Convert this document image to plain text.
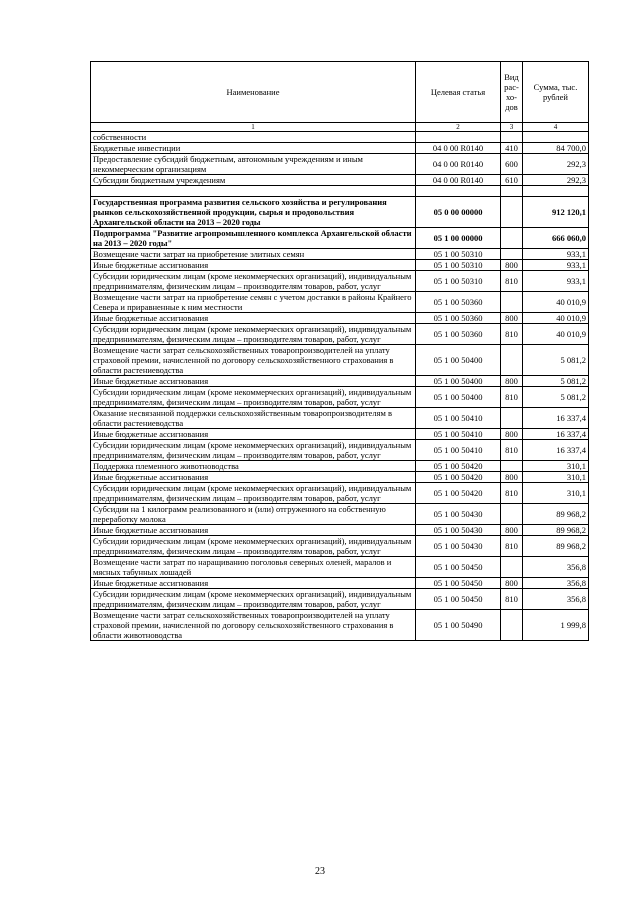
Наименование	Целевая статья	Вид рас-хо-дов	Сумма, тыс. рублей
1	2	3	4
собственности			
Бюджетные инвестиции	04 0 00 R0140	410	84 700,0
Предоставление субсидий бюджетным, автономным учреждениям и иным некоммерческим организациям	04 0 00 R0140	600	292,3
Субсидии бюджетным учреждениям	04 0 00 R0140	610	292,3

Государственная программа развития сельского хозяйства и регулирования рынков сельскохозяйственной продукции, сырья и продовольствия Архангельской области на 2013 – 2020 годы	05 0 00 00000		912 120,1
Подпрограмма "Развитие агропромышленного комплекса Архангельской области на 2013 – 2020 годы"	05 1 00 00000		666 060,0
Возмещение части затрат на приобретение элитных семян	05 1 00 50310		933,1
Иные бюджетные ассигнования	05 1 00 50310	800	933,1
Субсидии юридическим лицам (кроме некоммерческих организаций), индивидуальным предпринимателям, физическим лицам – производителям товаров, работ, услуг	05 1 00 50310	810	933,1
Возмещение части затрат на приобретение семян с учетом доставки в районы Крайнего Севера и приравненные к ним местности	05 1 00 50360		40 010,9
Иные бюджетные ассигнования	05 1 00 50360	800	40 010,9
Субсидии юридическим лицам (кроме некоммерческих организаций), индивидуальным предпринимателям, физическим лицам – производителям товаров, работ, услуг	05 1 00 50360	810	40 010,9
Возмещение части затрат сельскохозяйственных товаропроизводителей на уплату страховой премии, начисленной по договору сельскохозяйственного страхования в области растениеводства	05 1 00 50400		5 081,2
Иные бюджетные ассигнования	05 1 00 50400	800	5 081,2
Субсидии юридическим лицам (кроме некоммерческих организаций), индивидуальным предпринимателям, физическим лицам – производителям товаров, работ, услуг	05 1 00 50400	810	5 081,2
Оказание несвязанной поддержки сельскохозяйственным товаропроизводителям в области растениеводства	05 1 00 50410		16 337,4
Иные бюджетные ассигнования	05 1 00 50410	800	16 337,4
Субсидии юридическим лицам (кроме некоммерческих организаций), индивидуальным предпринимателям, физическим лицам – производителям товаров, работ, услуг	05 1 00 50410	810	16 337,4
Поддержка племенного животноводства	05 1 00 50420		310,1
Иные бюджетные ассигнования	05 1 00 50420	800	310,1
Субсидии юридическим лицам (кроме некоммерческих организаций), индивидуальным предпринимателям, физическим лицам – производителям товаров, работ, услуг	05 1 00 50420	810	310,1
Субсидии на 1 килограмм реализованного и (или) отгруженного на собственную переработку молока	05 1 00 50430		89 968,2
Иные бюджетные ассигнования	05 1 00 50430	800	89 968,2
Субсидии юридическим лицам (кроме некоммерческих организаций), индивидуальным предпринимателям, физическим лицам – производителям товаров, работ, услуг	05 1 00 50430	810	89 968,2
Возмещение части затрат по наращиванию поголовья северных оленей, маралов и мясных табунных лошадей	05 1 00 50450		356,8
Иные бюджетные ассигнования	05 1 00 50450	800	356,8
Субсидии юридическим лицам (кроме некоммерческих организаций), индивидуальным предпринимателям, физическим лицам – производителям товаров, работ, услуг	05 1 00 50450	810	356,8
Возмещение части затрат сельскохозяйственных товаропроизводителей на уплату страховой премии, начисленной по договору сельскохозяйственного страхования в области животноводства	05 1 00 50490		1 999,8
23
